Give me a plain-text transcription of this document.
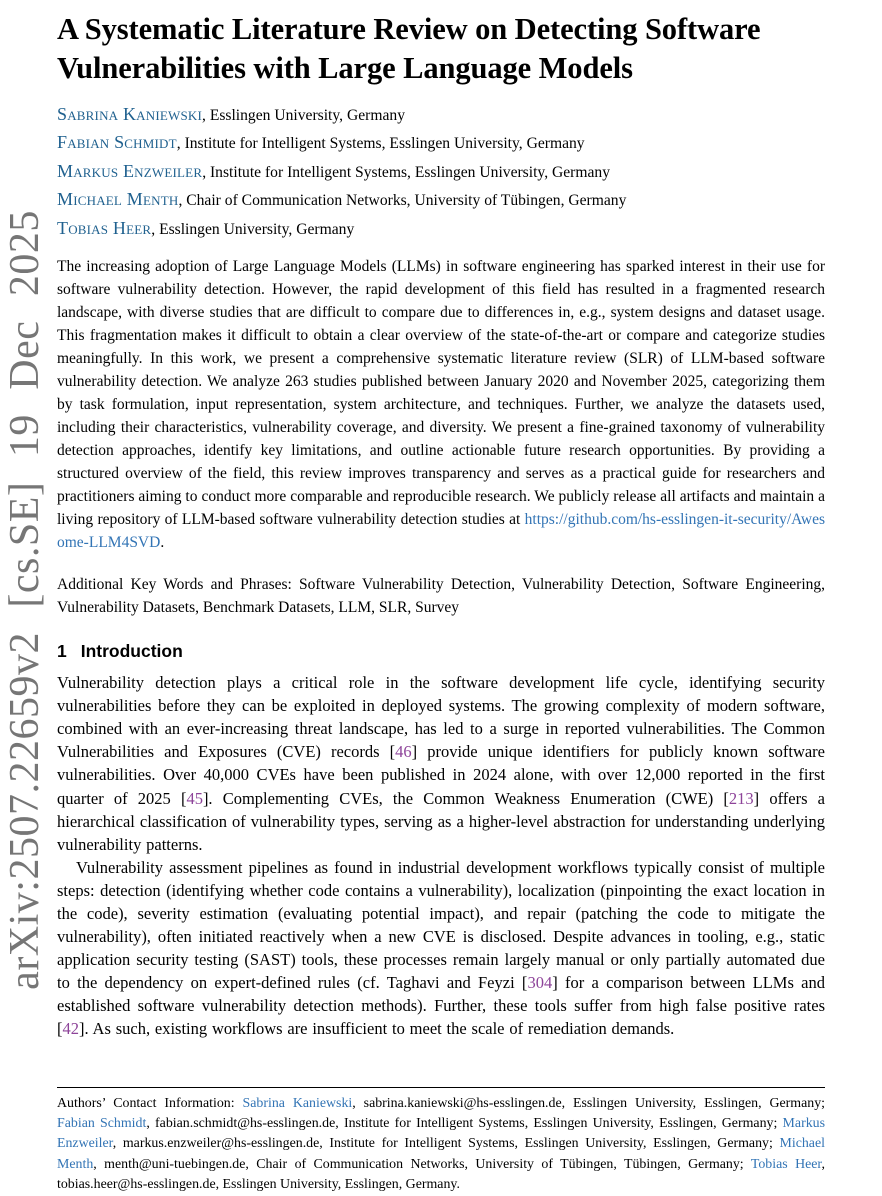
arXiv:2507.22659v2 [cs.SE] 19 Dec 2025
A Systematic Literature Review on Detecting Software
Vulnerabilities with Large Language Models
Sabrina Kaniewski, Esslingen University, Germany
Fabian Schmidt, Institute for Intelligent Systems, Esslingen University, Germany
Markus Enzweiler, Institute for Intelligent Systems, Esslingen University, Germany
Michael Menth, Chair of Communication Networks, University of Tübingen, Germany
Tobias Heer, Esslingen University, Germany

The increasing adoption of Large Language Models (LLMs) in software engineering has sparked interest in their use for software vulnerability detection. However, the rapid development of this field has resulted in a fragmented research landscape, with diverse studies that are difficult to compare due to differences in, e.g., system designs and dataset usage. This fragmentation makes it difficult to obtain a clear overview of the state-of-the-art or compare and categorize studies meaningfully. In this work, we present a comprehensive systematic literature review (SLR) of LLM-based software vulnerability detection. We analyze 263 studies published between January 2020 and November 2025, categorizing them by task formulation, input representation, system architecture, and techniques. Further, we analyze the datasets used, including their characteristics, vulnerability coverage, and diversity. We present a fine-grained taxonomy of vulnerability detection approaches, identify key limitations, and outline actionable future research opportunities. By providing a structured overview of the field, this review improves transparency and serves as a practical guide for researchers and practitioners aiming to conduct more comparable and reproducible research. We publicly release all artifacts and maintain a living repository of LLM-based software vulnerability detection studies at https://github.com/hs-esslingen-it-security/Awesome-LLM4SVD.

Additional Key Words and Phrases: Software Vulnerability Detection, Vulnerability Detection, Software Engineering, Vulnerability Datasets, Benchmark Datasets, LLM, SLR, Survey

1 Introduction

Vulnerability detection plays a critical role in the software development life cycle, identifying security vulnerabilities before they can be exploited in deployed systems. The growing complexity of modern software, combined with an ever-increasing threat landscape, has led to a surge in reported vulnerabilities. The Common Vulnerabilities and Exposures (CVE) records [46] provide unique identifiers for publicly known software vulnerabilities. Over 40,000 CVEs have been published in 2024 alone, with over 12,000 reported in the first quarter of 2025 [45]. Complementing CVEs, the Common Weakness Enumeration (CWE) [213] offers a hierarchical classification of vulnerability types, serving as a higher-level abstraction for understanding underlying vulnerability patterns.

Vulnerability assessment pipelines as found in industrial development workflows typically consist of multiple steps: detection (identifying whether code contains a vulnerability), localization (pinpointing the exact location in the code), severity estimation (evaluating potential impact), and repair (patching the code to mitigate the vulnerability), often initiated reactively when a new CVE is disclosed. Despite advances in tooling, e.g., static application security testing (SAST) tools, these processes remain largely manual or only partially automated due to the dependency on expert-defined rules (cf. Taghavi and Feyzi [304] for a comparison between LLMs and established software vulnerability detection methods). Further, these tools suffer from high false positive rates [42]. As such, existing workflows are insufficient to meet the scale of remediation demands.

Authors’ Contact Information: Sabrina Kaniewski, sabrina.kaniewski@hs-esslingen.de, Esslingen University, Esslingen, Germany; Fabian Schmidt, fabian.schmidt@hs-esslingen.de, Institute for Intelligent Systems, Esslingen University, Esslingen, Germany; Markus Enzweiler, markus.enzweiler@hs-esslingen.de, Institute for Intelligent Systems, Esslingen University, Esslingen, Germany; Michael Menth, menth@uni-tuebingen.de, Chair of Communication Networks, University of Tübingen, Tübingen, Germany; Tobias Heer, tobias.heer@hs-esslingen.de, Esslingen University, Esslingen, Germany.
